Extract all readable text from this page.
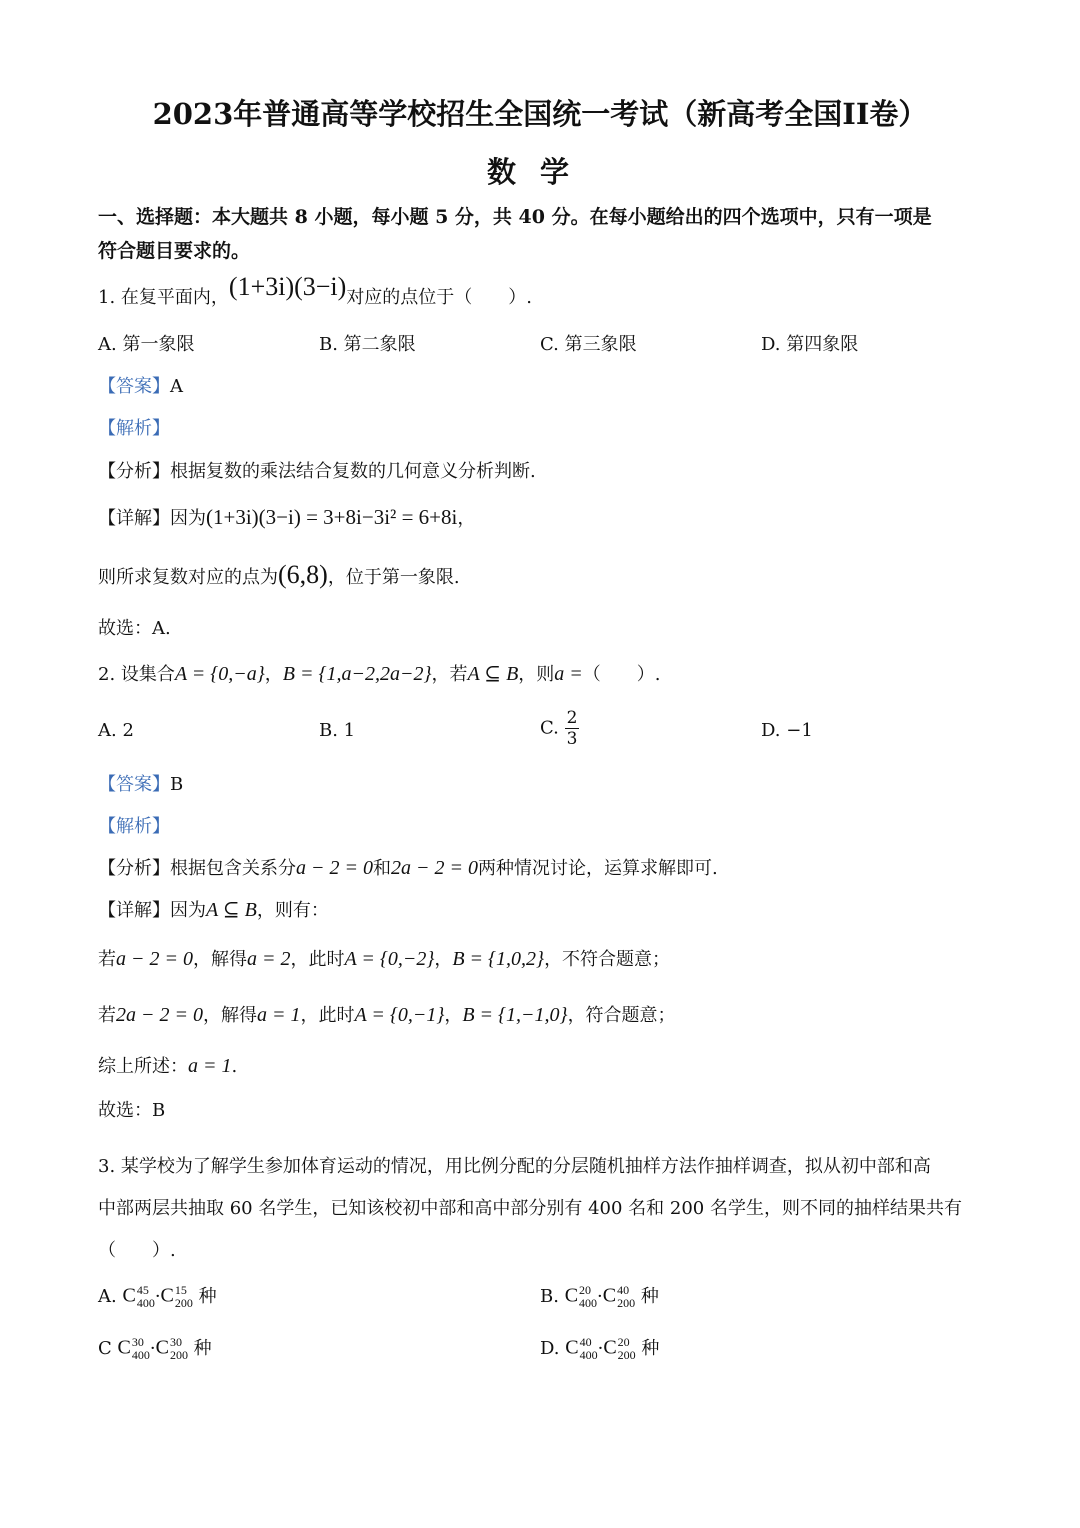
2023年普通高等学校招生全国统一考试（新高考全国II卷）
数学
一、选择题：本大题共 8 小题，每小题 5 分，共 40 分。在每小题给出的四个选项中，只有一项是
符合题目要求的。
1. 在复平面内，(1+3i)(3−i)对应的点位于（　　）.
A. 第一象限	B. 第二象限	C. 第三象限	D. 第四象限
【答案】A
【解析】
【分析】根据复数的乘法结合复数的几何意义分析判断.
【详解】因为(1+3i)(3−i) = 3+8i−3i² = 6+8i，
则所求复数对应的点为(6,8)，位于第一象限.
故选：A.
2. 设集合A = {0,−a}，B = {1,a−2,2a−2}，若A ⊆ B，则a =（　　）.
A. 2	B. 1	C. $\frac{2}{3}$	D. −1
【答案】B
【解析】
【分析】根据包含关系分a − 2 = 0和2a − 2 = 0两种情况讨论，运算求解即可.
【详解】因为A ⊆ B，则有：
若a − 2 = 0，解得a = 2，此时A = {0,−2}，B = {1,0,2}，不符合题意；
若2a − 2 = 0，解得a = 1，此时A = {0,−1}，B = {1,−1,0}，符合题意；
综上所述：a = 1.
故选：B
3. 某学校为了解学生参加体育运动的情况，用比例分配的分层随机抽样方法作抽样调查，拟从初中部和高
中部两层共抽取 60 名学生，已知该校初中部和高中部分别有 400 名和 200 名学生，则不同的抽样结果共有
（　　）.
A. C 45
400 ·C 15
200 种	B. C 20
400 ·C 40
200 种
C C 30
400 ·C 30
200 种	D. C 40
400 ·C 20
200 种
